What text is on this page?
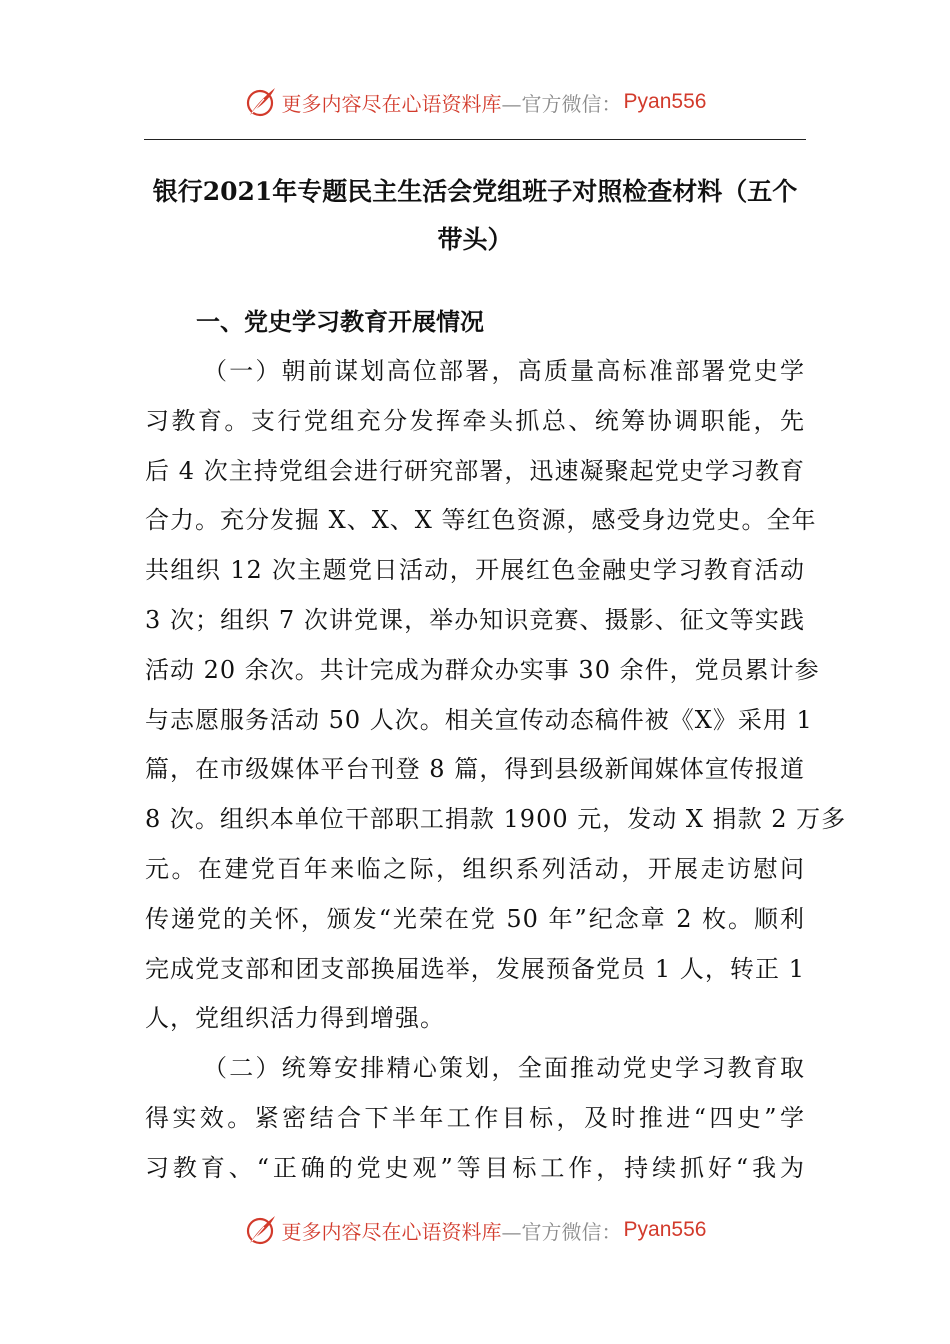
更多内容尽在心语资料库 —官方微信： Pyan556
银行2021年专题民主生活会党组班子对照检查材料（五个
带头）
一、党史学习教育开展情况
（一）朝前谋划高位部署，高质量高标准部署党史学
习教育。支行党组充分发挥牵头抓总、统筹协调职能，先
后 4 次主持党组会进行研究部署，迅速凝聚起党史学习教育
合力。充分发掘 X、X、X 等红色资源，感受身边党史。全年
共组织 12 次主题党日活动，开展红色金融史学习教育活动
3 次；组织 7 次讲党课，举办知识竞赛、摄影、征文等实践
活动 20 余次。共计完成为群众办实事 30 余件，党员累计参
与志愿服务活动 50 人次。相关宣传动态稿件被《X》采用 1
篇，在市级媒体平台刊登 8 篇，得到县级新闻媒体宣传报道
8 次。组织本单位干部职工捐款 1900 元，发动 X 捐款 2 万多
元。在建党百年来临之际，组织系列活动，开展走访慰问
传递党的关怀，颁发“光荣在党 50 年”纪念章 2 枚。顺利
完成党支部和团支部换届选举，发展预备党员 1 人，转正 1
人，党组织活力得到增强。
（二）统筹安排精心策划，全面推动党史学习教育取
得实效。紧密结合下半年工作目标，及时推进“四史”学
习教育、“正确的党史观”等目标工作，持续抓好“我为
更多内容尽在心语资料库 —官方微信： Pyan556
